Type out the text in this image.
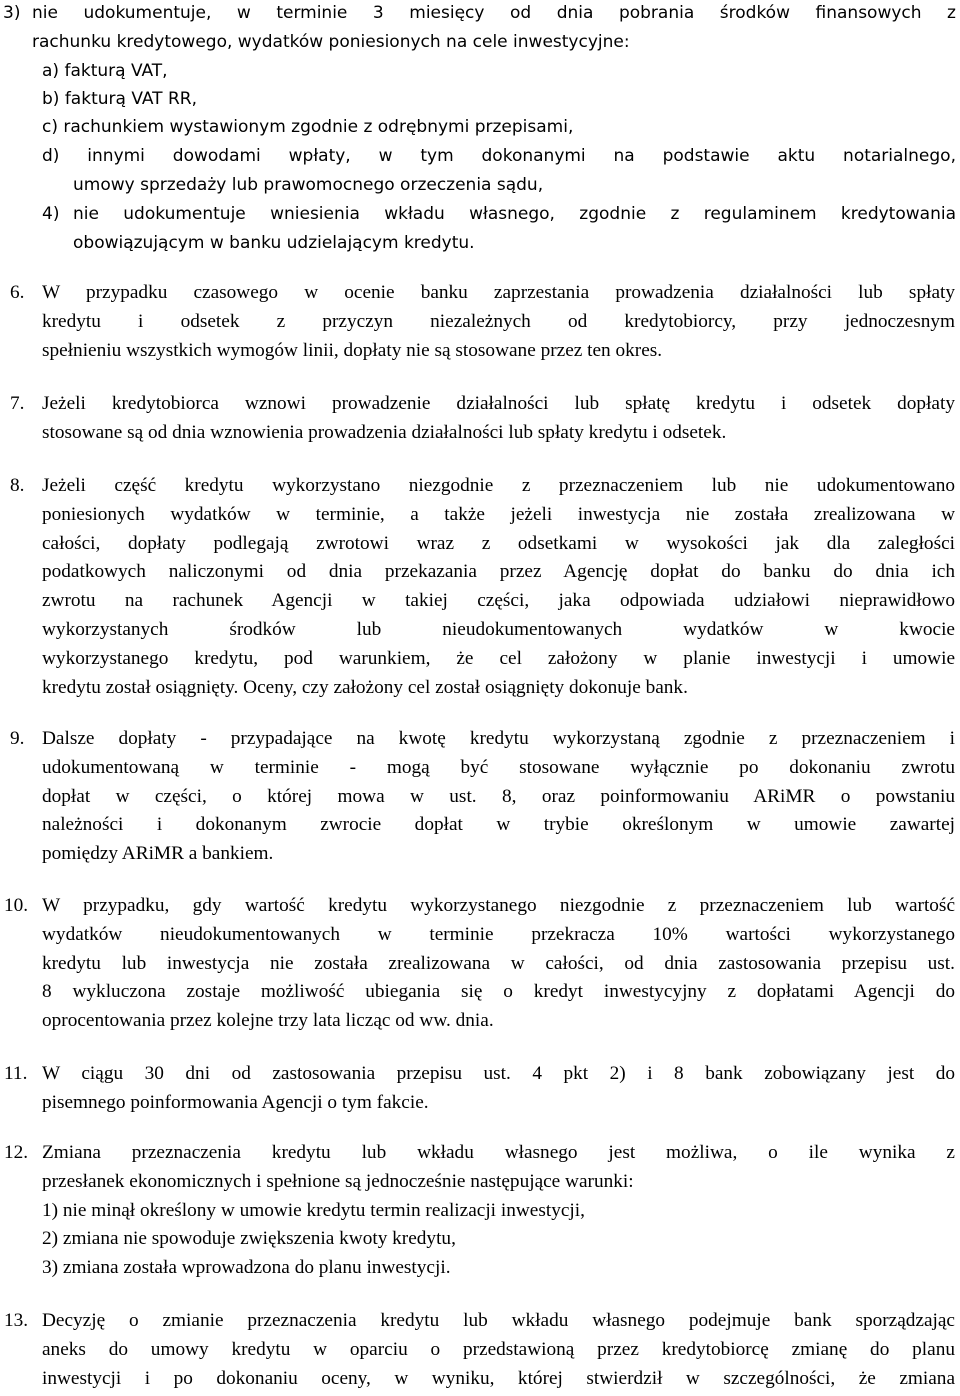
3) nie udokumentuje, w terminie 3 miesięcy od dnia pobrania środków finansowych z
rachunku kredytowego, wydatków poniesionych na cele inwestycyjne:
a) fakturą VAT,
b) fakturą VAT RR,
c) rachunkiem wystawionym zgodnie z odrębnymi przepisami,
d) innymi dowodami wpłaty, w tym dokonanymi na podstawie aktu notarialnego,
umowy sprzedaży lub prawomocnego orzeczenia sądu,
4) nie udokumentuje wniesienia wkładu własnego, zgodnie z regulaminem kredytowania
obowiązującym w banku udzielającym kredytu.
6. W przypadku czasowego w ocenie banku zaprzestania prowadzenia działalności lub spłaty
kredytu i odsetek z przyczyn niezależnych od kredytobiorcy, przy jednoczesnym
spełnieniu wszystkich wymogów linii, dopłaty nie są stosowane przez ten okres.
7. Jeżeli kredytobiorca wznowi prowadzenie działalności lub spłatę kredytu i odsetek dopłaty
stosowane są od dnia wznowienia prowadzenia działalności lub spłaty kredytu i odsetek.
8. Jeżeli część kredytu wykorzystano niezgodnie z przeznaczeniem lub nie udokumentowano
poniesionych wydatków w terminie, a także jeżeli inwestycja nie została zrealizowana w
całości, dopłaty podlegają zwrotowi wraz z odsetkami w wysokości jak dla zaległości
podatkowych naliczonymi od dnia przekazania przez Agencję dopłat do banku do dnia ich
zwrotu na rachunek Agencji w takiej części, jaka odpowiada udziałowi nieprawidłowo
wykorzystanych środków lub nieudokumentowanych wydatków w kwocie
wykorzystanego kredytu, pod warunkiem, że cel założony w planie inwestycji i umowie
kredytu został osiągnięty. Oceny, czy założony cel został osiągnięty dokonuje bank.
9. Dalsze dopłaty - przypadające na kwotę kredytu wykorzystaną zgodnie z przeznaczeniem i
udokumentowaną w terminie - mogą być stosowane wyłącznie po dokonaniu zwrotu
dopłat w części, o której mowa w ust. 8, oraz poinformowaniu ARiMR o powstaniu
należności i dokonanym zwrocie dopłat w trybie określonym w umowie zawartej
pomiędzy ARiMR a bankiem.
10. W przypadku, gdy wartość kredytu wykorzystanego niezgodnie z przeznaczeniem lub wartość
wydatków nieudokumentowanych w terminie przekracza 10% wartości wykorzystanego
kredytu lub inwestycja nie została zrealizowana w całości, od dnia zastosowania przepisu ust.
8 wykluczona zostaje możliwość ubiegania się o kredyt inwestycyjny z dopłatami Agencji do
oprocentowania przez kolejne trzy lata licząc od ww. dnia.
11. W ciągu 30 dni od zastosowania przepisu ust. 4 pkt 2) i 8 bank zobowiązany jest do
pisemnego poinformowania Agencji o tym fakcie.
12. Zmiana przeznaczenia kredytu lub wkładu własnego jest możliwa, o ile wynika z
przesłanek ekonomicznych i spełnione są jednocześnie następujące warunki:
1) nie minął określony w umowie kredytu termin realizacji inwestycji,
2) zmiana nie spowoduje zwiększenia kwoty kredytu,
3) zmiana została wprowadzona do planu inwestycji.
13. Decyzję o zmianie przeznaczenia kredytu lub wkładu własnego podejmuje bank sporządzając
aneks do umowy kredytu w oparciu o przedstawioną przez kredytobiorcę zmianę do planu
inwestycji i po dokonaniu oceny, w wyniku, której stwierdził w szczególności, że zmiana
